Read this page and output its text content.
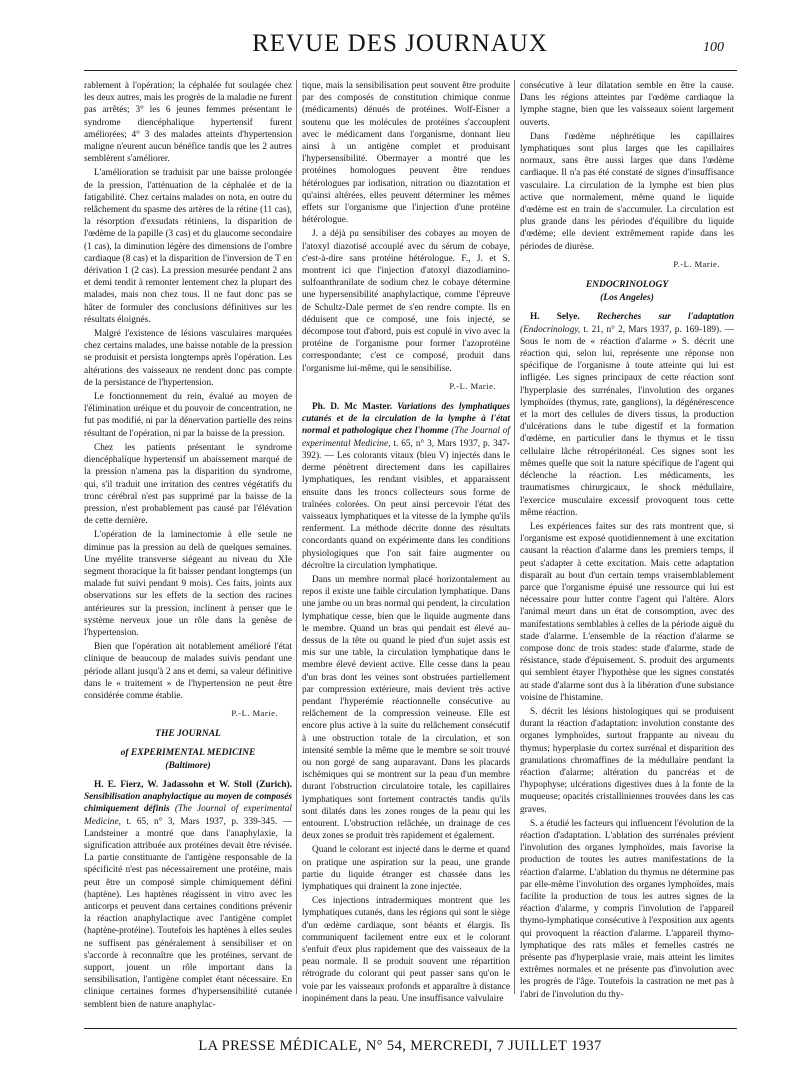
REVUE DES JOURNAUX	100

rablement à l'opération; la céphalée fut soulagée chez les deux autres, mais les progrès de la maladie ne furent pas arrêtés; 3° les 6 jeunes femmes présentant le syndrome diencéphalique hypertensif furent améliorées; 4° 3 des malades atteints d'hypertension maligne n'eurent aucun bénéfice tandis que les 2 autres semblèrent s'améliorer.

L'amélioration se traduisit par une baisse prolongée de la pression, l'atténuation de la céphalée et de la fatigabilité. Chez certains malades on nota, en outre du relâchement du spasme des artères de la rétine (11 cas), la résorption d'exsudats rétiniens, la disparition de l'œdème de la papille (3 cas) et du glaucome secondaire (1 cas), la diminution légère des dimensions de l'ombre cardiaque (8 cas) et la disparition de l'inversion de T en dérivation 1 (2 cas). La pression mesurée pendant 2 ans et demi tendit à remonter lentement chez la plupart des malades, mais non chez tous. Il ne faut donc pas se hâter de formuler des conclusions définitives sur les résultats éloignés.

Malgré l'existence de lésions vasculaires marquées chez certains malades, une baisse notable de la pression se produisit et persista longtemps après l'opération. Les altérations des vaisseaux ne rendent donc pas compte de la persistance de l'hypertension.

Le fonctionnement du rein, évalué au moyen de l'élimination uréique et du pouvoir de concentration, ne fut pas modifié, ni par la dénervation partielle des reins résultant de l'opération, ni par la baisse de la pression.

Chez les patients présentant le syndrome diencéphalique hypertensif un abaissement marqué de la pression n'amena pas la disparition du syndrome, qui, s'il traduit une irritation des centres végétatifs du tronc cérébral n'est pas supprimé par la baisse de la pression, n'est probablement pas causé par l'élévation de cette dernière.

L'opération de la laminectomie à elle seule ne diminue pas la pression au delà de quelques semaines. Une myélite transverse siégeant au niveau du XIe segment thoracique la fit baisser pendant longtemps (un malade fut suivi pendant 9 mois). Ces faits, joints aux observations sur les effets de la section des racines antérieures sur la pression, inclinent à penser que le système nerveux joue un rôle dans la genèse de l'hypertension.

Bien que l'opération ait notablement amélioré l'état clinique de beaucoup de malades suivis pendant une période allant jusqu'à 2 ans et demi, sa valeur définitive dans le « traitement » de l'hypertension ne peut être considérée comme établie.

P.-L. Marie.
THE JOURNAL
of EXPERIMENTAL MEDICINE
(Baltimore)

H. E. Fierz, W. Jadassohn et W. Stoll (Zurich). Sensibilisation anaphylactique au moyen de composés chimiquement définis (The Journal of experimental Medicine, t. 65, n° 3, Mars 1937, p. 339-345. — Landsteiner a montré que dans l'anaphylaxie, la signification attribuée aux protéines devait être révisée. La partie constituante de l'antigène responsable de la spécificité n'est pas nécessairement une protéine, mais peut être un composé simple chimiquement défini (haptène). Les haptènes réagissent in vitro avec les anticorps et peuvent dans certaines conditions prévenir la réaction anaphylactique avec l'antigène complet (haptène-protéine). Toutefois les haptènes à elles seules ne suffisent pas généralement à sensibiliser et on s'accorde à reconnaître que les protéines, servant de support, jouent un rôle important dans la sensibilisation, l'antigène complet étant nécessaire. En clinique certaines formes d'hypersensibilité cutanée semblent bien de nature anaphylac-

tique, mais la sensibilisation peut souvent être produite par des composés de constitution chimique connue (médicaments) dénués de protéines. Wolf-Eisner a soutenu que les molécules de protéines s'accouplent avec le médicament dans l'organisme, donnant lieu ainsi à un antigène complet et produisant l'hypersensibilité. Obermayer a montré que les protéines homologues peuvent être rendues hétérologues par iodisation, nitration ou diazotation et qu'ainsi altérées, elles peuvent déterminer les mêmes effets sur l'organisme que l'injection d'une protéine hétérologue.

J. a déjà pu sensibiliser des cobayes au moyen de l'atoxyl diazotisé accouplé avec du sérum de cobaye, c'est-à-dire sans protéine hétérologue. F., J. et S. montrent ici que l'injection d'atoxyl diazodiamino-sulfoanthranilate de sodium chez le cobaye détermine une hypersensibilité anaphylactique, comme l'épreuve de Schultz-Dale permet de s'en rendre compte. Ils en déduisent que ce composé, une fois injecté, se décompose tout d'abord, puis est copulé in vivo avec la protéine de l'organisme pour former l'azoprotéine correspondante; c'est ce composé, produit dans l'organisme lui-même, qui le sensibilise.

P.-L. Marie.

Ph. D. Mc Master. Variations des lymphatiques cutanés et de la circulation de la lymphe à l'état normal et pathologique chez l'homme (The Journal of experimental Medicine, t. 65, n° 3, Mars 1937, p. 347-392). — Les colorants vitaux (bleu V) injectés dans le derme pénètrent directement dans les capillaires lymphatiques, les rendant visibles, et apparaissent ensuite dans les troncs collecteurs sous forme de traînées colorées. On peut ainsi percevoir l'état des vaisseaux lymphatiques et la vitesse de la lymphe qu'ils renferment. La méthode décrite donne des résultats concordants quand on expérimente dans les conditions physiologiques que l'on sait faire augmenter ou décroître la circulation lymphatique.

Dans un membre normal placé horizontalement au repos il existe une faible circulation lymphatique. Dans une jambe ou un bras normal qui pendent, la circulation lymphatique cesse, bien que le liquide augmente dans le membre. Quand un bras qui pendait est élevé au-dessus de la tête ou quand le pied d'un sujet assis est mis sur une table, la circulation lymphatique dans le membre élevé devient active. Elle cesse dans la peau d'un bras dont les veines sont obstruées partiellement par compression extérieure, mais devient très active pendant l'hyperémie réactionnelle consécutive au relâchement de la compression veineuse. Elle est encore plus active à la suite du relâchement consécutif à une obstruction totale de la circulation, et son intensité semble la même que le membre se soit trouvé ou non gorgé de sang auparavant. Dans les placards ischémiques qui se montrent sur la peau d'un membre durant l'obstruction circulatoire totale, les capillaires lymphatiques sont fortement contractés tandis qu'ils sont dilatés dans les zones rouges de la peau qui les entourent. L'obstruction relâchée, un drainage de ces deux zones se produit très rapidement et également.

Quand le colorant est injecté dans le derme et quand on pratique une aspiration sur la peau, une grande partie du liquide étranger est chassée dans les lymphatiques qui drainent la zone injectée.

Ces injections intradermiques montrent que les lymphatiques cutanés, dans les régions qui sont le siège d'un œdème cardiaque, sont béants et élargis. Ils communiquent facilement entre eux et le colorant s'enfuit d'eux plus rapidement que des vaisseaux de la peau normale. Il se produit souvent une répartition rétrograde du colorant qui peut passer sans qu'on le voie par les vaisseaux profonds et apparaître à distance inopinément dans la peau. Une insuffisance valvulaire

consécutive à leur dilatation semble en être la cause. Dans les régions atteintes par l'œdème cardiaque la lymphe stagne, bien que les vaisseaux soient largement ouverts.

Dans l'œdème néphrétique les capillaires lymphatiques sont plus larges que les capillaires normaux, sans être aussi larges que dans l'œdème cardiaque. Il n'a pas été constaté de signes d'insuffisance vasculaire. La circulation de la lymphe est bien plus active que normalement, même quand le liquide d'œdème est en train de s'accumuler. La circulation est plus grande dans les périodes d'équilibre du liquide d'œdème; elle devient extrêmement rapide dans les périodes de diurèse.

P.-L. Marie.
ENDOCRINOLOGY
(Los Angeles)

H. Selye. Recherches sur l'adaptation (Endocrinology, t. 21, n° 2, Mars 1937, p. 169-189). — Sous le nom de « réaction d'alarme » S. décrit une réaction qui, selon lui, représente une réponse non spécifique de l'organisme à toute atteinte qui lui est infligée. Les signes principaux de cette réaction sont l'hyperplasie des surrénales, l'involution des organes lymphoïdes (thymus, rate, ganglions), la dégénérescence et la mort des cellules de divers tissus, la production d'ulcérations dans le tube digestif et la formation d'œdème, en particulier dans le thymus et le tissu cellulaire lâche rétropéritonéal. Ces signes sont les mêmes quelle que soit la nature spécifique de l'agent qui déclenche la réaction. Les médicaments, les traumatismes chirurgicaux, le shock médullaire, l'exercice musculaire excessif provoquent tous cette même réaction.

Les expériences faites sur des rats montrent que, si l'organisme est exposé quotidiennement à une excitation causant la réaction d'alarme dans les premiers temps, il peut s'adapter à cette excitation. Mais cette adaptation disparaît au bout d'un certain temps vraisemblablement parce que l'organisme épuisé une ressource qui lui est nécessaire pour lutter contre l'agent qui l'altère. Alors l'animal meurt dans un état de consomption, avec des manifestations semblables à celles de la période aiguë du stade d'alarme. L'ensemble de la réaction d'alarme se compose donc de trois stades: stade d'alarme, stade de résistance, stade d'épuisement. S. produit des arguments qui semblent étayer l'hypothèse que les signes constatés au stade d'alarme sont dus à la libération d'une substance voisine de l'histamine.

S. décrit les lésions histologiques qui se produisent durant la réaction d'adaptation: involution constante des organes lymphoïdes, surtout frappante au niveau du thymus; hyperplasie du cortex surrénal et disparition des granulations chromaffines de la médullaire pendant la réaction d'alarme; altération du pancréas et de l'hypophyse; ulcérations digestives dues à la fonte de la muqueuse; opacités cristalliniennes trouvées dans les cas graves.

S. a étudié les facteurs qui influencent l'évolution de la réaction d'adaptation. L'ablation des surrénales prévient l'involution des organes lymphoïdes, mais favorise la production de toutes les autres manifestations de la réaction d'alarme. L'ablation du thymus ne détermine pas par elle-même l'involution des organes lymphoïdes, mais facilite la production de tous les autres signes de la réaction d'alarme, y compris l'involution de l'appareil thymo-lymphatique consécutive à l'exposition aux agents qui provoquent la réaction d'alarme. L'appareil thymo-lymphatique des rats mâles et femelles castrés ne présente pas d'hyperplasie vraie, mais atteint les limites extrêmes normales et ne présente pas d'involution avec les progrès de l'âge. Toutefois la castration ne met pas à l'abri de l'involution du thy-

LA PRESSE MÉDICALE, N° 54, MERCREDI, 7 JUILLET 1937
